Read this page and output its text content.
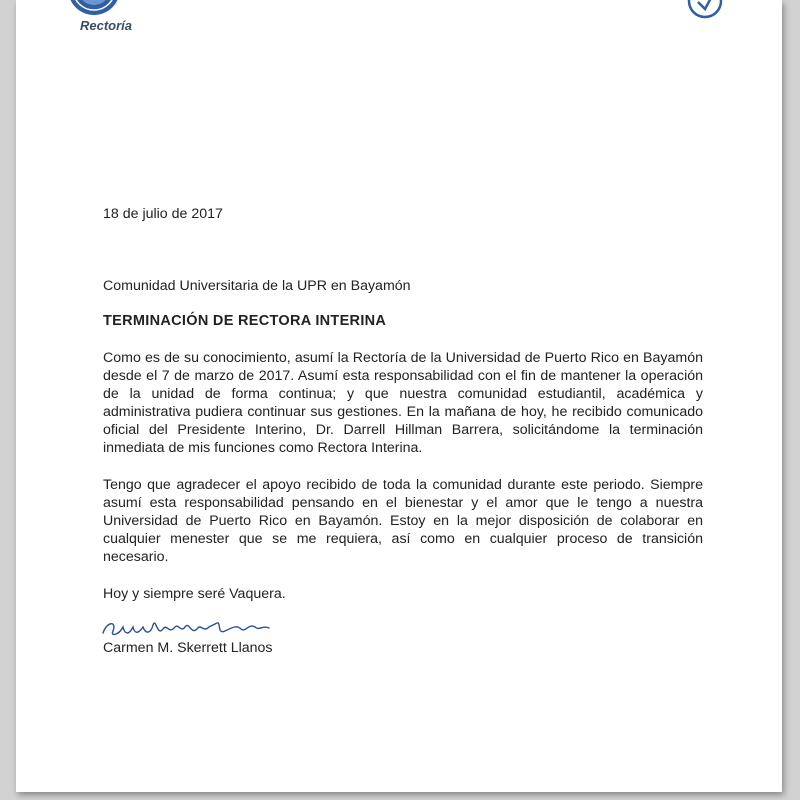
Rectoría

18 de julio de 2017

Comunidad Universitaria de la UPR en Bayamón

TERMINACIÓN DE RECTORA INTERINA

Como es de su conocimiento, asumí la Rectoría de la Universidad de Puerto Rico en Bayamón desde el 7 de marzo de 2017. Asumí esta responsabilidad con el fin de mantener la operación de la unidad de forma continua; y que nuestra comunidad estudiantil, académica y administrativa pudiera continuar sus gestiones. En la mañana de hoy, he recibido comunicado oficial del Presidente Interino, Dr. Darrell Hillman Barrera, solicitándome la terminación inmediata de mis funciones como Rectora Interina.

Tengo que agradecer el apoyo recibido de toda la comunidad durante este periodo. Siempre asumí esta responsabilidad pensando en el bienestar y el amor que le tengo a nuestra Universidad de Puerto Rico en Bayamón. Estoy en la mejor disposición de colaborar en cualquier menester que se me requiera, así como en cualquier proceso de transición necesario.

Hoy y siempre seré Vaquera.

Carmen M. Skerrett Llanos
